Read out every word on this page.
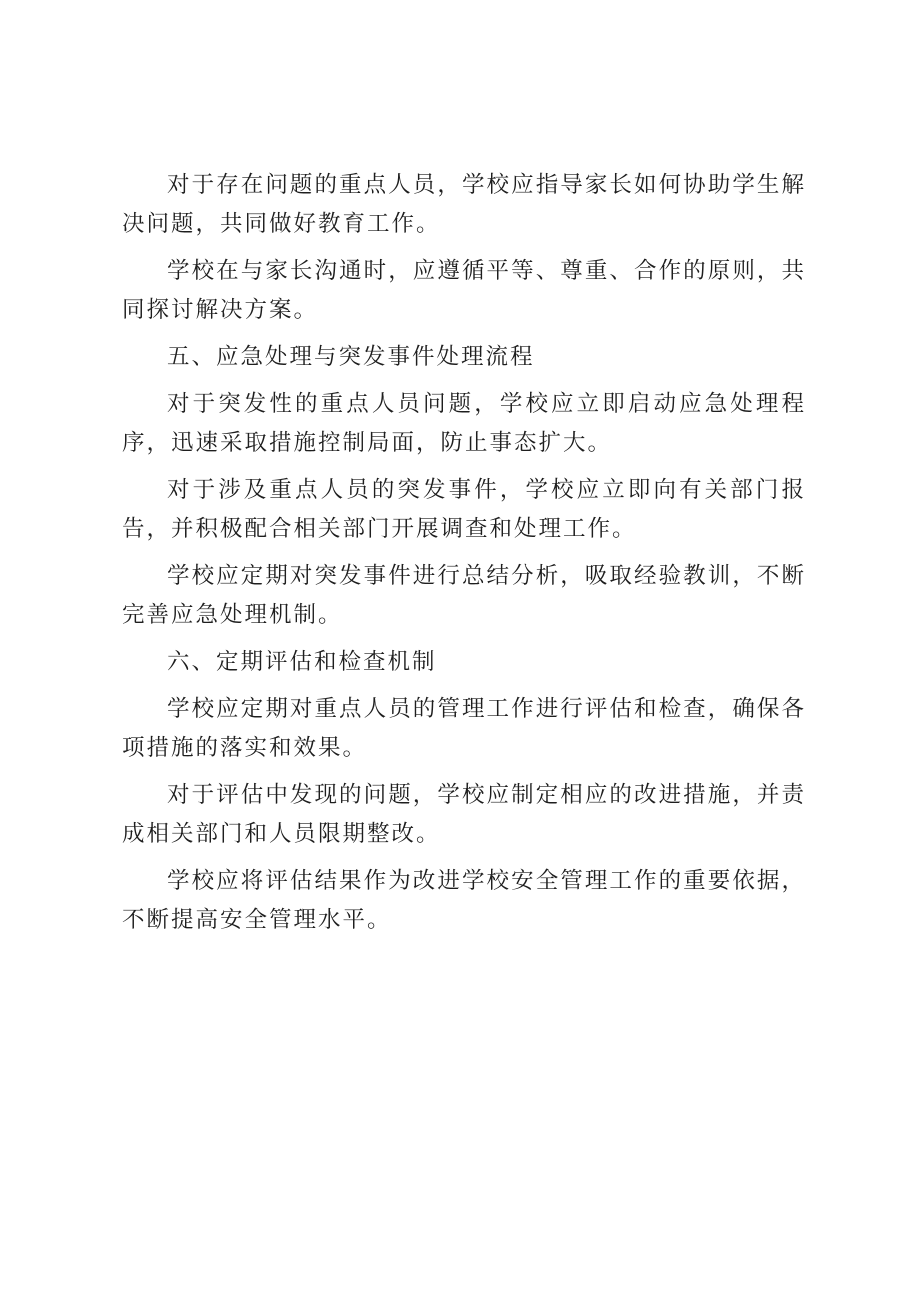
对于存在问题的重点人员，学校应指导家长如何协助学生解决问题，共同做好教育工作。

学校在与家长沟通时，应遵循平等、尊重、合作的原则，共同探讨解决方案。

五、应急处理与突发事件处理流程

对于突发性的重点人员问题，学校应立即启动应急处理程序，迅速采取措施控制局面，防止事态扩大。

对于涉及重点人员的突发事件，学校应立即向有关部门报告，并积极配合相关部门开展调查和处理工作。

学校应定期对突发事件进行总结分析，吸取经验教训，不断完善应急处理机制。

六、定期评估和检查机制

学校应定期对重点人员的管理工作进行评估和检查，确保各项措施的落实和效果。

对于评估中发现的问题，学校应制定相应的改进措施，并责成相关部门和人员限期整改。

学校应将评估结果作为改进学校安全管理工作的重要依据，不断提高安全管理水平。
